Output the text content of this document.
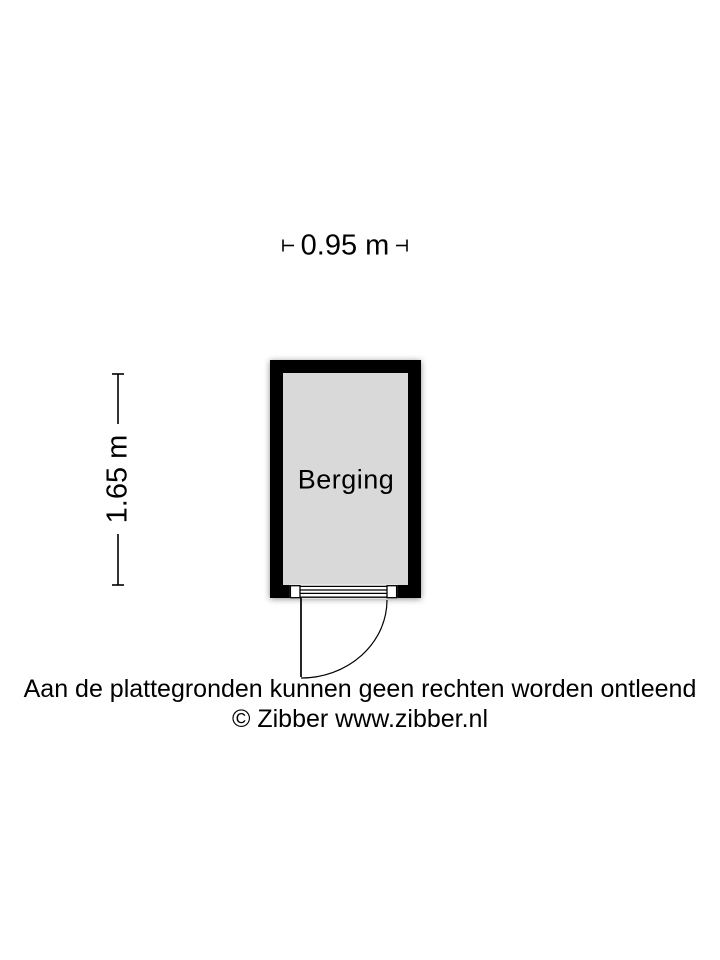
Berging
0.95 m
1.65 m
Aan de plattegronden kunnen geen rechten worden ontleend
© Zibber www.zibber.nl
